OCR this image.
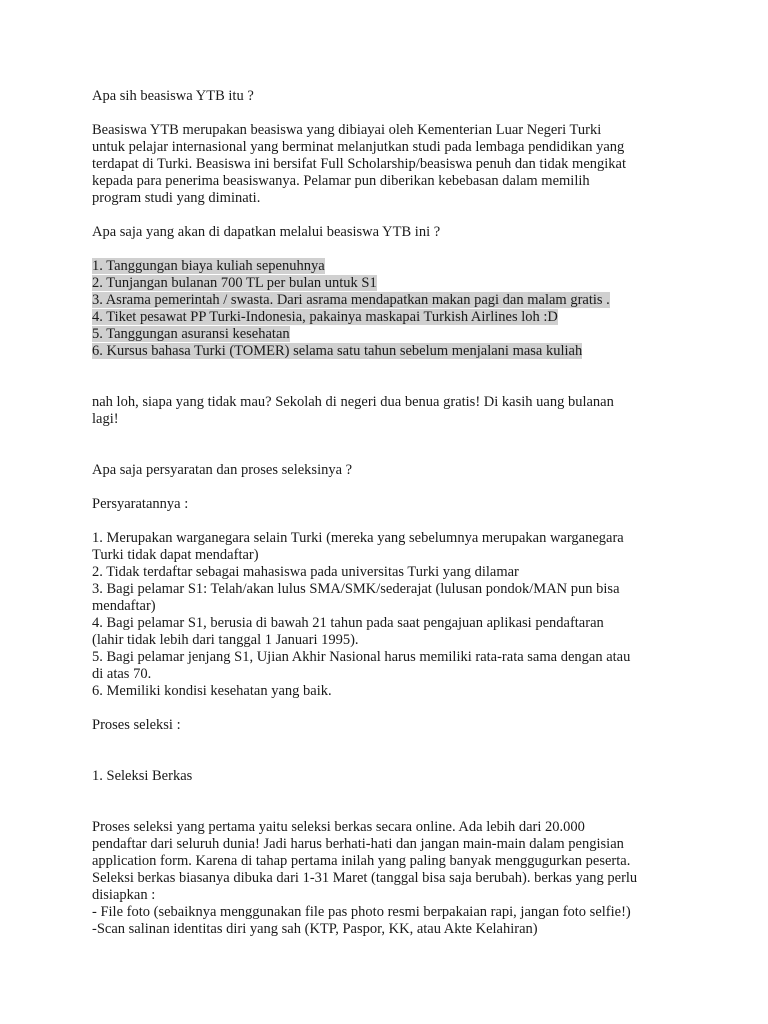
Apa sih beasiswa YTB itu ?
Beasiswa YTB merupakan beasiswa yang dibiayai oleh Kementerian Luar Negeri Turki
untuk pelajar internasional yang berminat melanjutkan studi pada lembaga pendidikan yang
terdapat di Turki. Beasiswa ini bersifat Full Scholarship/beasiswa penuh dan tidak mengikat
kepada para penerima beasiswanya. Pelamar pun diberikan kebebasan dalam memilih
program studi yang diminati.
Apa saja yang akan di dapatkan melalui beasiswa YTB ini ?
1. Tanggungan biaya kuliah sepenuhnya
2. Tunjangan bulanan 700 TL per bulan untuk S1
3. Asrama pemerintah / swasta. Dari asrama mendapatkan makan pagi dan malam gratis .
4. Tiket pesawat PP Turki-Indonesia, pakainya maskapai Turkish Airlines loh :D
5. Tanggungan asuransi kesehatan
6. Kursus bahasa Turki (TOMER) selama satu tahun sebelum menjalani masa kuliah
nah loh, siapa yang tidak mau? Sekolah di negeri dua benua gratis! Di kasih uang bulanan
lagi!
Apa saja persyaratan dan proses seleksinya ?
Persyaratannya :
1. Merupakan warganegara selain Turki (mereka yang sebelumnya merupakan warganegara
Turki tidak dapat mendaftar)
2. Tidak terdaftar sebagai mahasiswa pada universitas Turki yang dilamar
3. Bagi pelamar S1: Telah/akan lulus SMA/SMK/sederajat (lulusan pondok/MAN pun bisa
mendaftar)
4. Bagi pelamar S1, berusia di bawah 21 tahun pada saat pengajuan aplikasi pendaftaran
(lahir tidak lebih dari tanggal 1 Januari 1995).
5. Bagi pelamar jenjang S1, Ujian Akhir Nasional harus memiliki rata-rata sama dengan atau
di atas 70.
6. Memiliki kondisi kesehatan yang baik.
Proses seleksi :
1. Seleksi Berkas
Proses seleksi yang pertama yaitu seleksi berkas secara online. Ada lebih dari 20.000
pendaftar dari seluruh dunia! Jadi harus berhati-hati dan jangan main-main dalam pengisian
application form. Karena di tahap pertama inilah yang paling banyak menggugurkan peserta.
Seleksi berkas biasanya dibuka dari 1-31 Maret (tanggal bisa saja berubah). berkas yang perlu
disiapkan :
- File foto (sebaiknya menggunakan file pas photo resmi berpakaian rapi, jangan foto selfie!)
-Scan salinan identitas diri yang sah (KTP, Paspor, KK, atau Akte Kelahiran)
